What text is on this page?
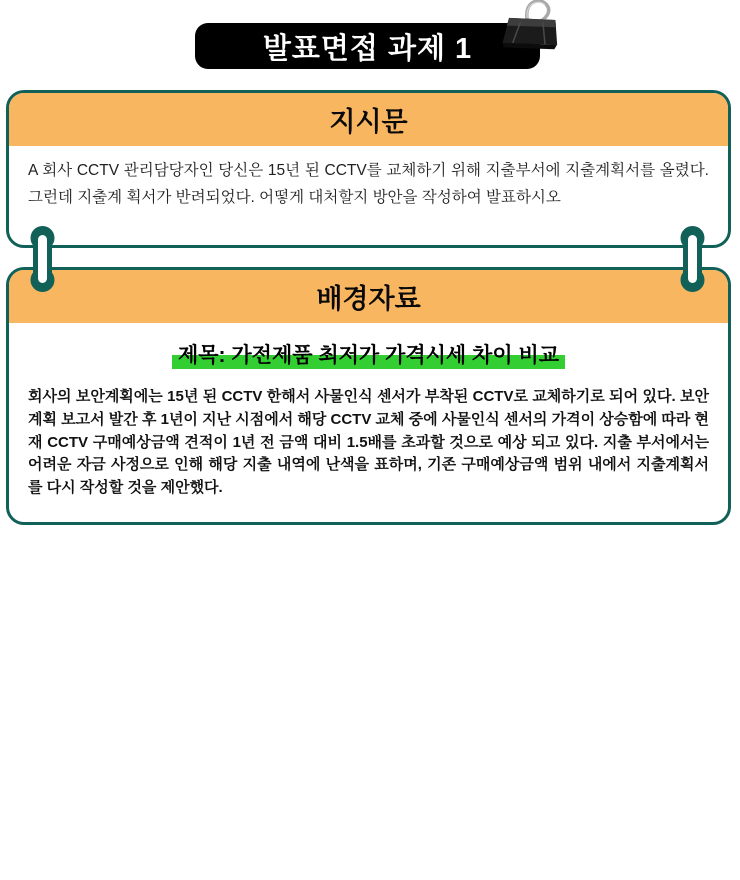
발표면접 과제 1
지시문

A 회사 CCTV 관리담당자인 당신은 15년 된 CCTV를 교체하기 위해 지출부서에 지출계획서를 올렸다. 그런데 지출계 획서가 반려되었다. 어떻게 대처할지 방안을 작성하여 발표하시오

배경자료
제목: 가전제품 최저가 가격시세 차이 비교

회사의 보안계획에는 15년 된 CCTV 한해서 사물인식 센서가 부착된 CCTV로 교체하기로 되어 있다. 보안계획 보고서 발간 후 1년이 지난 시점에서 해당 CCTV 교체 중에 사물인식 센서의 가격이 상승함에 따라 현재 CCTV 구매예상금액 견적이 1년 전 금액 대비 1.5배를 초과할 것으로 예상 되고 있다. 지출 부서에서는 어려운 자금 사정으로 인해 해당 지출 내역에 난색을 표하며, 기존 구매예상금액 범위 내에서 지출계획서를 다시 작성할 것을 제안했다.
